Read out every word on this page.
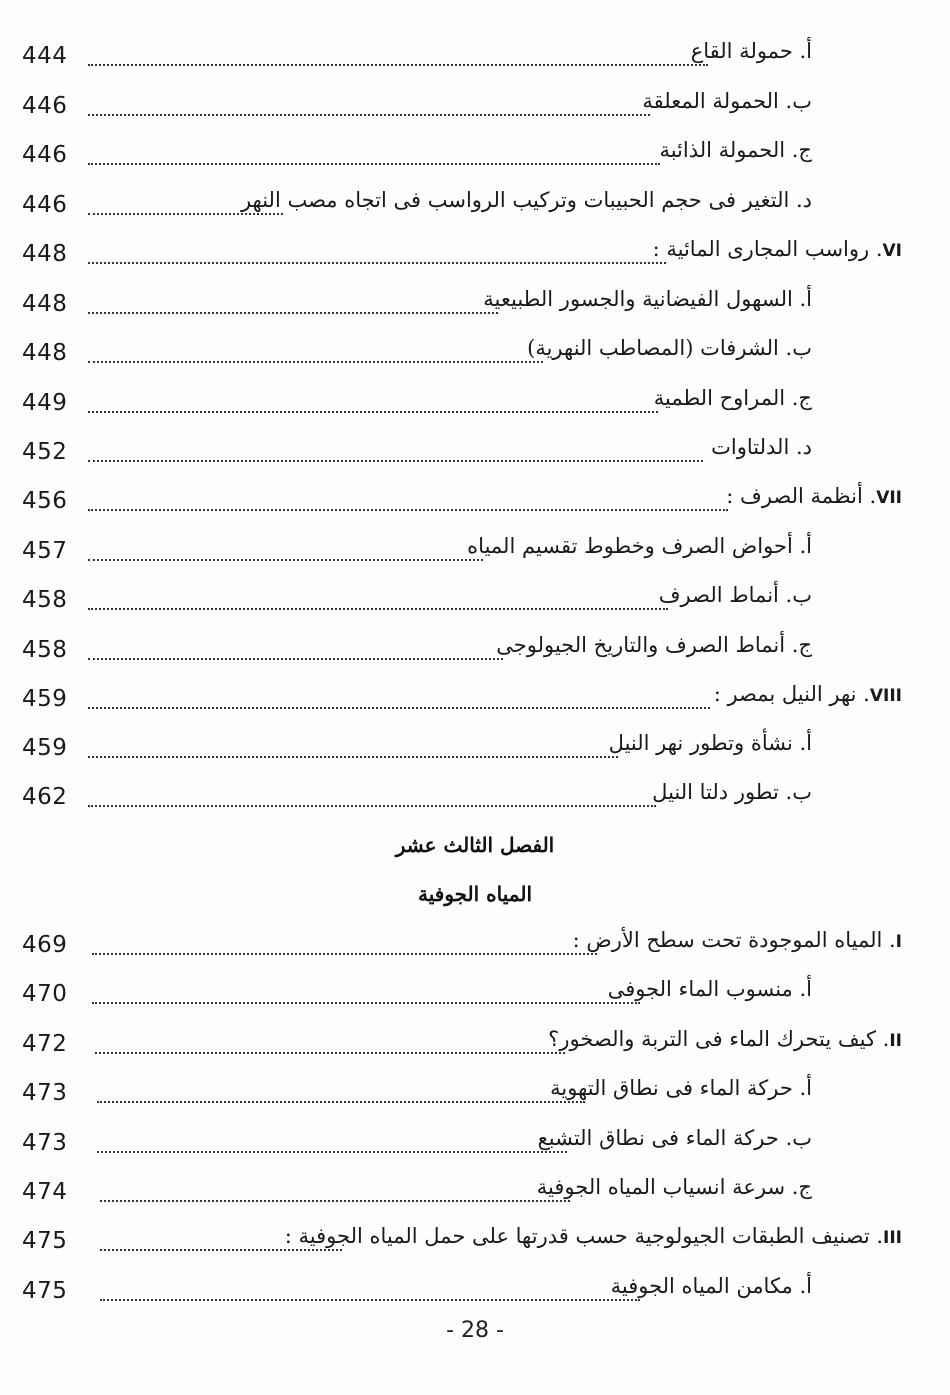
444	أ. حمولة القاع
446	ب. الحمولة المعلقة
446	ج. الحمولة الذائبة
446	د. التغير فى حجم الحبيبات وتركيب الرواسب فى اتجاه مصب النهر
448	VI. رواسب المجارى المائية :
448	أ. السهول الفيضانية والجسور الطبيعية
448	ب. الشرفات (المصاطب النهرية)
449	ج. المراوح الطمية
452	د. الدلتاوات
456	VII. أنظمة الصرف :
457	أ. أحواض الصرف وخطوط تقسيم المياه
458	ب. أنماط الصرف
458	ج. أنماط الصرف والتاريخ الجيولوجى
459	VIII. نهر النيل بمصر :
459	أ. نشأة وتطور نهر النيل
462	ب. تطور دلتا النيل
الفصل الثالث عشر
المياه الجوفية
469	I. المياه الموجودة تحت سطح الأرض :
470	أ. منسوب الماء الجوفى
472	II. كيف يتحرك الماء فى التربة والصخور؟
473	أ. حركة الماء فى نطاق التهوية
473	ب. حركة الماء فى نطاق التشبع
474	ج. سرعة انسياب المياه الجوفية
475	III. تصنيف الطبقات الجيولوجية حسب قدرتها على حمل المياه الجوفية :
475	أ. مكامن المياه الجوفية
- 28 -
